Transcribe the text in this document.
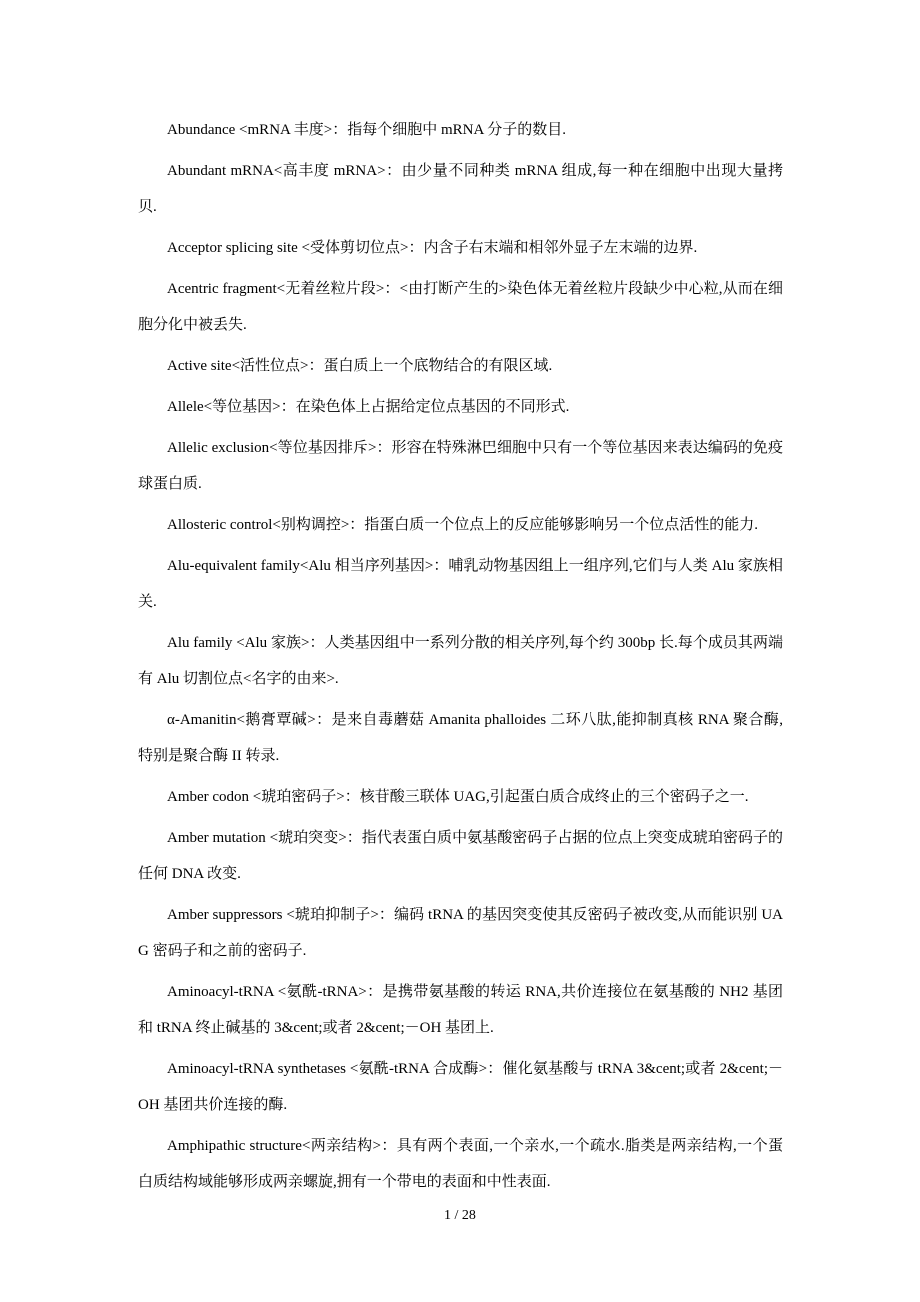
Abundance <mRNA 丰度>：指每个细胞中 mRNA 分子的数目.

Abundant mRNA<高丰度 mRNA>：由少量不同种类 mRNA 组成,每一种在细胞中出现大量拷贝.

Acceptor splicing site <受体剪切位点>：内含子右末端和相邻外显子左末端的边界.

Acentric fragment<无着丝粒片段>：<由打断产生的>染色体无着丝粒片段缺少中心粒,从而在细胞分化中被丢失.

Active site<活性位点>：蛋白质上一个底物结合的有限区域.

Allele<等位基因>：在染色体上占据给定位点基因的不同形式.

Allelic exclusion<等位基因排斥>：形容在特殊淋巴细胞中只有一个等位基因来表达编码的免疫球蛋白质.

Allosteric control<别构调控>：指蛋白质一个位点上的反应能够影响另一个位点活性的能力.

Alu-equivalent family<Alu 相当序列基因>：哺乳动物基因组上一组序列,它们与人类 Alu 家族相关.

Alu family <Alu 家族>：人类基因组中一系列分散的相关序列,每个约 300bp 长.每个成员其两端有 Alu 切割位点<名字的由来>.

α-Amanitin<鹅膏覃碱>：是来自毒蘑菇 Amanita phalloides 二环八肽,能抑制真核 RNA 聚合酶,特别是聚合酶 II 转录.

Amber codon <琥珀密码子>：核苷酸三联体 UAG,引起蛋白质合成终止的三个密码子之一.

Amber mutation <琥珀突变>：指代表蛋白质中氨基酸密码子占据的位点上突变成琥珀密码子的任何 DNA 改变.

Amber suppressors <琥珀抑制子>：编码 tRNA 的基因突变使其反密码子被改变,从而能识别 UAG 密码子和之前的密码子.

Aminoacyl-tRNA <氨酰-tRNA>：是携带氨基酸的转运 RNA,共价连接位在氨基酸的 NH2 基团和 tRNA 终止碱基的 3&cent;或者 2&cent;－OH 基团上.

Aminoacyl-tRNA synthetases <氨酰-tRNA 合成酶>：催化氨基酸与 tRNA 3&cent;或者 2&cent;－OH 基团共价连接的酶.

Amphipathic structure<两亲结构>：具有两个表面,一个亲水,一个疏水.脂类是两亲结构,一个蛋白质结构域能够形成两亲螺旋,拥有一个带电的表面和中性表面.

1 / 28
